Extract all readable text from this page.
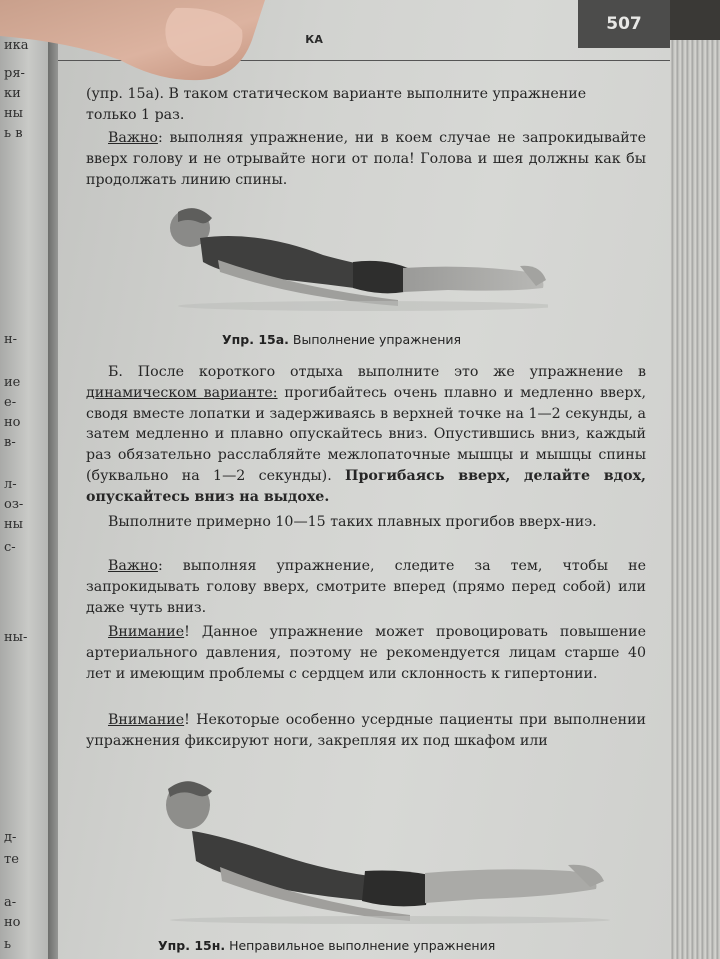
ика
ря-
ки
ны
ь в
н-
ие
е-
но
в-
л-
оз-
ны
с-
ны-
д-
те
а-
но
ь
КА
507

(упр. 15а). В таком статическом варианте выполните упражнение
только 1 раз.

Важно: выполняя упражнение, ни в коем случае не запрокидывайте вверх голову и не отрывайте ноги от пола! Голова и шея должны как бы продолжать линию спины.

Упр. 15а. Выполнение упражнения

Б. После короткого отдыха выполните это же упражнение в динамическом варианте: прогибайтесь очень плавно и медленно вверх, сводя вместе лопатки и задерживаясь в верхней точке на 1—2 секунды, а затем медленно и плавно опускайтесь вниз. Опустившись вниз, каждый раз обязательно расслабляйте межлопаточные мышцы и мышцы спины (буквально на 1—2 секунды). Прогибаясь вверх, делайте вдох, опускайтесь вниз на выдохе.

Выполните примерно 10—15 таких плавных прогибов вверх-ниэ.

Важно: выполняя упражнение, следите за тем, чтобы не запрокидывать голову вверх, смотрите вперед (прямо перед собой) или даже чуть вниз.

Внимание! Данное упражнение может провоцировать повышение артериального давления, поэтому не рекомендуется лицам старше 40 лет и имеющим проблемы с сердцем или склонность к гипертонии.

Внимание! Некоторые особенно усердные пациенты при выполнении упражнения фиксируют ноги, закрепляя их под шкафом или

Упр. 15н. Неправильное выполнение упражнения
